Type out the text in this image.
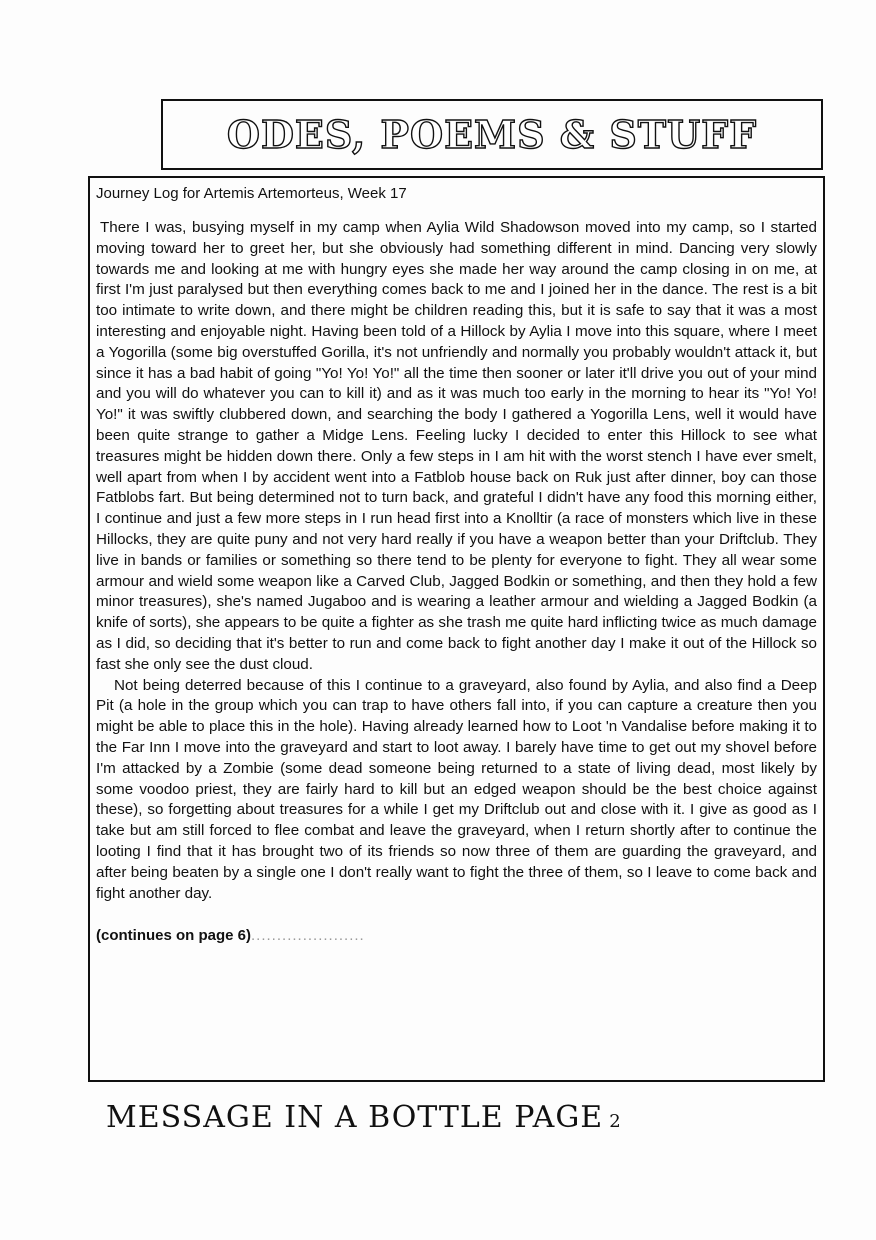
ODES, POEMS & STUFF
Journey Log for Artemis Artemorteus, Week 17

There I was, busying myself in my camp when Aylia Wild Shadowson moved into my camp, so I started moving toward her to greet her, but she obviously had something different in mind. Dancing very slowly towards me and looking at me with hungry eyes she made her way around the camp closing in on me, at first I'm just paralysed but then everything comes back to me and I joined her in the dance. The rest is a bit too intimate to write down, and there might be children reading this, but it is safe to say that it was a most interesting and enjoyable night. Having been told of a Hillock by Aylia I move into this square, where I meet a Yogorilla (some big overstuffed Gorilla, it's not unfriendly and normally you probably wouldn't attack it, but since it has a bad habit of going "Yo! Yo! Yo!" all the time then sooner or later it'll drive you out of your mind and you will do whatever you can to kill it) and as it was much too early in the morning to hear its "Yo! Yo! Yo!" it was swiftly clubbered down, and searching the body I gathered a Yogorilla Lens, well it would have been quite strange to gather a Midge Lens. Feeling lucky I decided to enter this Hillock to see what treasures might be hidden down there. Only a few steps in I am hit with the worst stench I have ever smelt, well apart from when I by accident went into a Fatblob house back on Ruk just after dinner, boy can those Fatblobs fart. But being determined not to turn back, and grateful I didn't have any food this morning either, I continue and just a few more steps in I run head first into a Knolltir (a race of monsters which live in these Hillocks, they are quite puny and not very hard really if you have a weapon better than your Driftclub. They live in bands or families or something so there tend to be plenty for everyone to fight. They all wear some armour and wield some weapon like a Carved Club, Jagged Bodkin or something, and then they hold a few minor treasures), she's named Jugaboo and is wearing a leather armour and wielding a Jagged Bodkin (a knife of sorts), she appears to be quite a fighter as she trash me quite hard inflicting twice as much damage as I did, so deciding that it's better to run and come back to fight another day I make it out of the Hillock so fast she only see the dust cloud.

Not being deterred because of this I continue to a graveyard, also found by Aylia, and also find a Deep Pit (a hole in the group which you can trap to have others fall into, if you can capture a creature then you might be able to place this in the hole). Having already learned how to Loot 'n Vandalise before making it to the Far Inn I move into the graveyard and start to loot away. I barely have time to get out my shovel before I'm attacked by a Zombie (some dead someone being returned to a state of living dead, most likely by some voodoo priest, they are fairly hard to kill but an edged weapon should be the best choice against these), so forgetting about treasures for a while I get my Driftclub out and close with it. I give as good as I take but am still forced to flee combat and leave the graveyard, when I return shortly after to continue the looting I find that it has brought two of its friends so now three of them are guarding the graveyard, and after being beaten by a single one I don't really want to fight the three of them, so I leave to come back and fight another day.

(continues on page 6)......................
MESSAGE IN A BOTTLE PAGE 2
